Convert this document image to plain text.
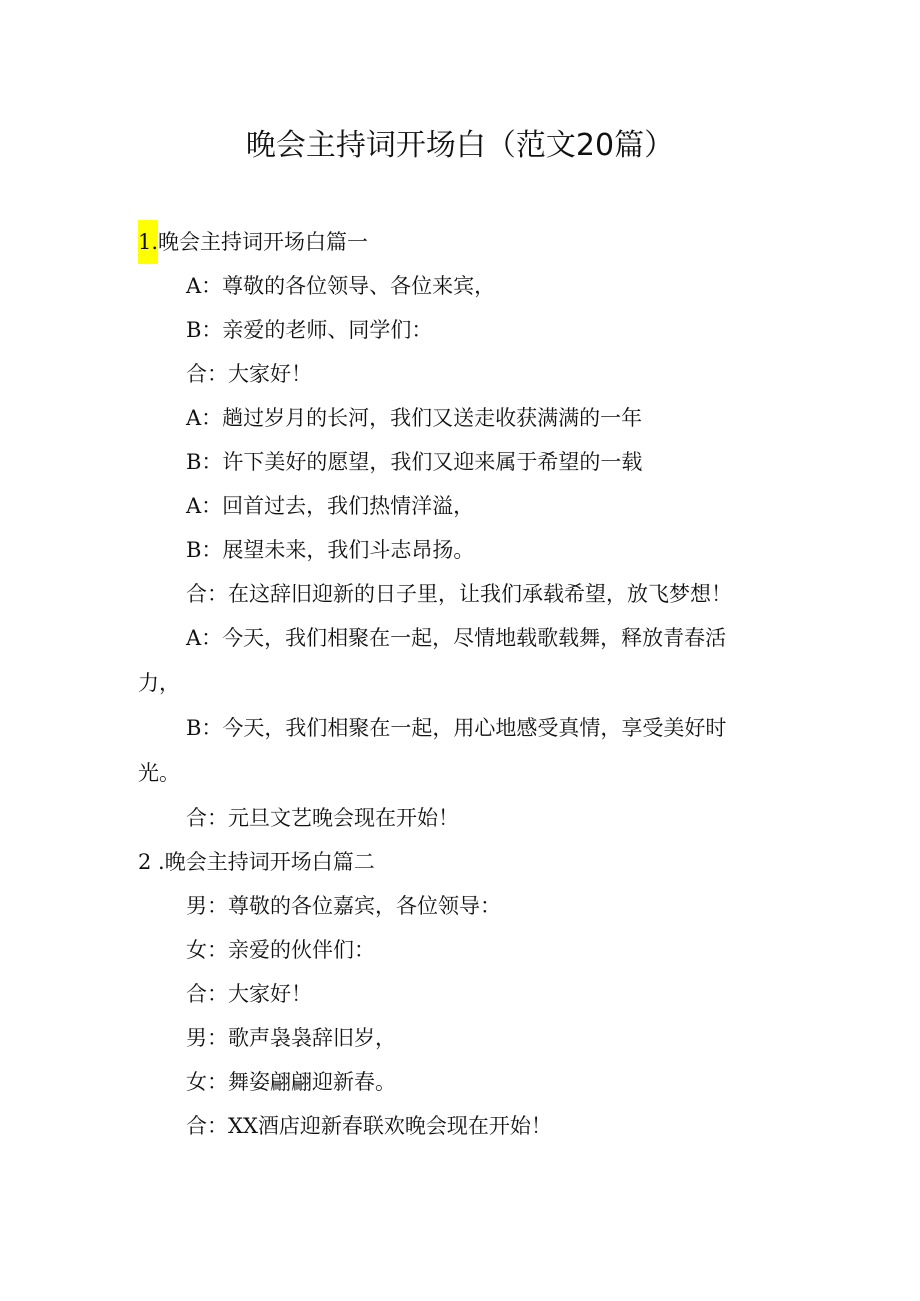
晚会主持词开场白（范文20篇）

1.晚会主持词开场白篇一

A：尊敬的各位领导、各位来宾，

B：亲爱的老师、同学们：

合：大家好！

A：趟过岁月的长河，我们又送走收获满满的一年

B：许下美好的愿望，我们又迎来属于希望的一载

A：回首过去，我们热情洋溢，

B：展望未来，我们斗志昂扬。

合：在这辞旧迎新的日子里，让我们承载希望，放飞梦想！

A：今天，我们相聚在一起，尽情地载歌载舞，释放青春活力，

B：今天，我们相聚在一起，用心地感受真情，享受美好时光。

合：元旦文艺晚会现在开始！

2 .晚会主持词开场白篇二

男：尊敬的各位嘉宾，各位领导：

女：亲爱的伙伴们：

合：大家好！

男：歌声袅袅辞旧岁，

女：舞姿翩翩迎新春。

合：XX酒店迎新春联欢晚会现在开始！
